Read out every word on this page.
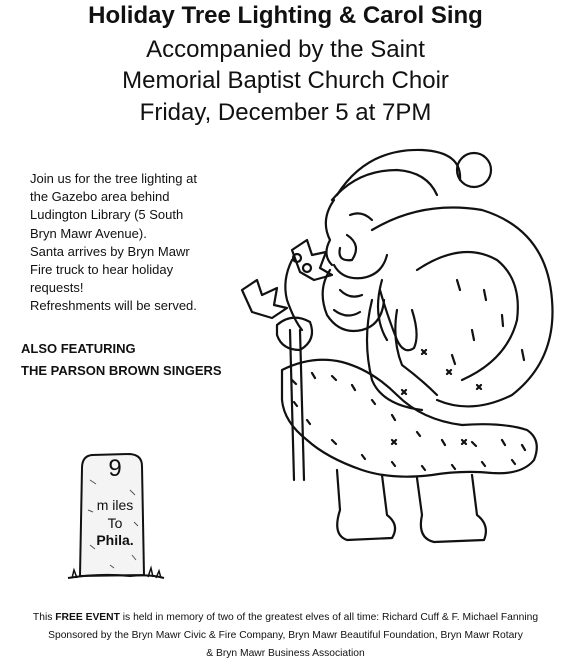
Holiday Tree Lighting & Carol Sing
Accompanied by the Saint
Memorial Baptist Church Choir
Friday, December 5 at 7PM
Join us for the tree lighting at
the Gazebo area behind
Ludington Library (5 South
Bryn Mawr Avenue).
Santa arrives by Bryn Mawr
Fire truck to hear holiday
requests!
Refreshments will be served.
ALSO FEATURING
THE PARSON BROWN SINGERS
9
m iles
To
Phila.
This FREE EVENT is held in memory of two of the greatest elves of all time: Richard Cuff & F. Michael Fanning
Sponsored by the Bryn Mawr Civic & Fire Company, Bryn Mawr Beautiful Foundation, Bryn Mawr Rotary
& Bryn Mawr Business Association
